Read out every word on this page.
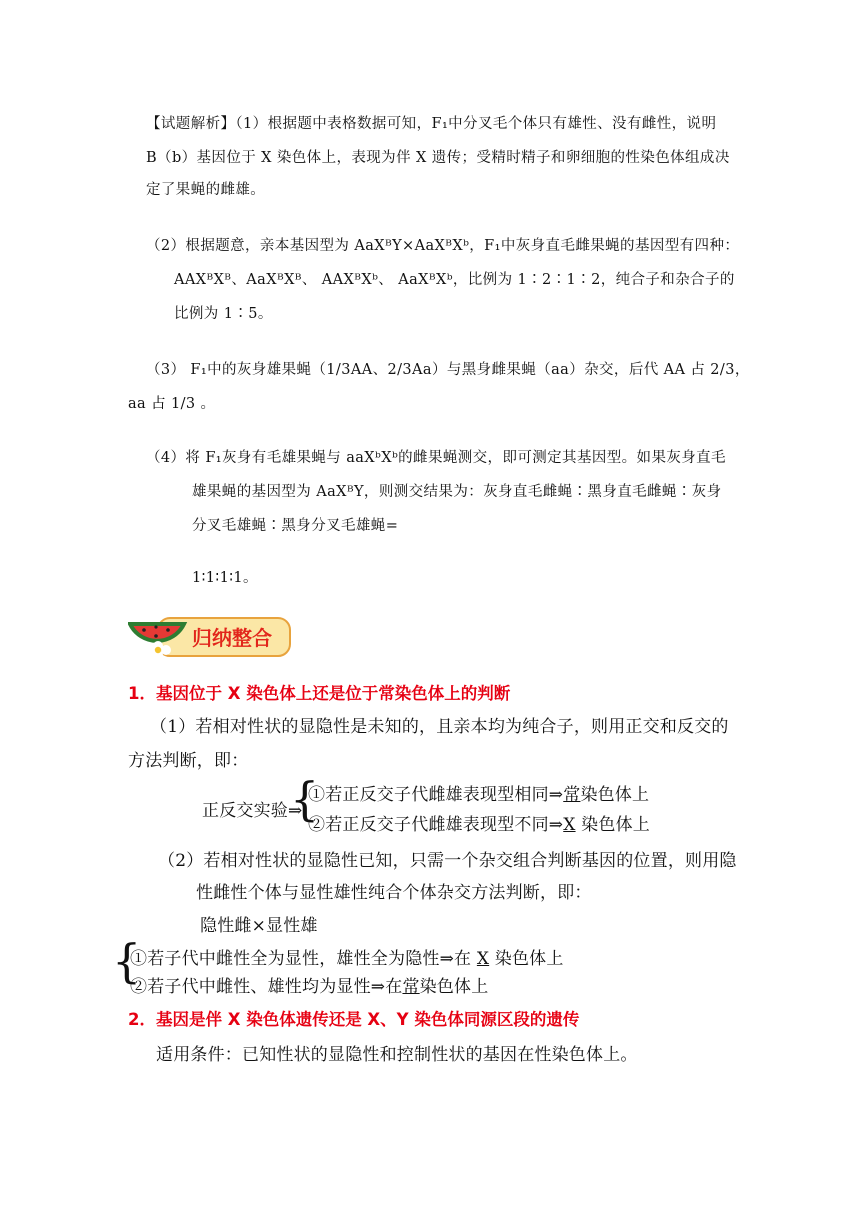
【试题解析】（1）根据题中表格数据可知，F₁中分叉毛个体只有雄性、没有雌性，说明
B（b）基因位于 X 染色体上，表现为伴 X 遗传；受精时精子和卵细胞的性染色体组成决
定了果蝇的雌雄。
（2）根据题意，亲本基因型为 AaXᴮY×AaXᴮXᵇ，F₁中灰身直毛雌果蝇的基因型有四种：
AAXᴮXᴮ、AaXᴮXᴮ、 AAXᴮXᵇ、 AaXᴮXᵇ，比例为 1∶2∶1∶2，纯合子和杂合子的
比例为 1∶5。
（3） F₁中的灰身雄果蝇（1/3AA、2/3Aa）与黑身雌果蝇（aa）杂交，后代 AA 占 2/3，
aa 占 1/3 。
（4）将 F₁灰身有毛雄果蝇与 aaXᵇXᵇ的雌果蝇测交，即可测定其基因型。如果灰身直毛
雄果蝇的基因型为 AaXᴮY，则测交结果为：灰身直毛雌蝇∶黑身直毛雌蝇∶灰身
分叉毛雄蝇∶黑身分叉毛雄蝇=
1∶1∶1∶1。
归纳整合
1．基因位于 X 染色体上还是位于常染色体上的判断
（1）若相对性状的显隐性是未知的，且亲本均为纯合子，则用正交和反交的
方法判断，即：
正反交实验⇒
{
①若正反交子代雌雄表现型相同⇒常染色体上
②若正反交子代雌雄表现型不同⇒X 染色体上
（2）若相对性状的显隐性已知，只需一个杂交组合判断基因的位置，则用隐
性雌性个体与显性雄性纯合个体杂交方法判断，即：
隐性雌×显性雄
{
①若子代中雌性全为显性，雄性全为隐性⇒在 X 染色体上
②若子代中雌性、雄性均为显性⇒在常染色体上
2．基因是伴 X 染色体遗传还是 X、Y 染色体同源区段的遗传
适用条件：已知性状的显隐性和控制性状的基因在性染色体上。
